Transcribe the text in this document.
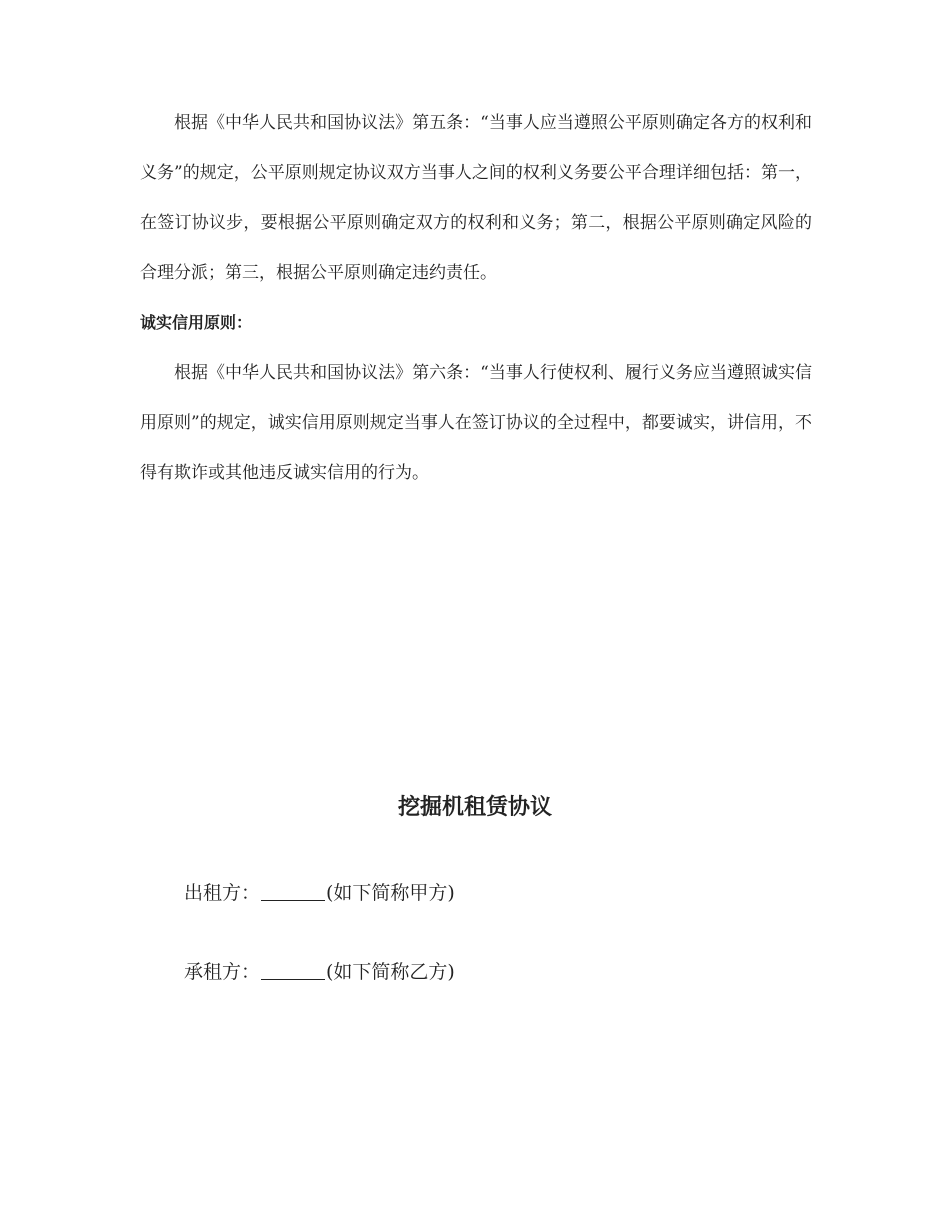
根据《中华人民共和国协议法》第五条：“当事人应当遵照公平原则确定各方的权利和义务”的规定，公平原则规定协议双方当事人之间的权利义务要公平合理详细包括：第一，在签订协议步，要根据公平原则确定双方的权利和义务；第二，根据公平原则确定风险的合理分派；第三，根据公平原则确定违约责任。

诚实信用原则：

根据《中华人民共和国协议法》第六条：“当事人行使权利、履行义务应当遵照诚实信用原则”的规定，诚实信用原则规定当事人在签订协议的全过程中，都要诚实，讲信用，不得有欺诈或其他违反诚实信用的行为。

挖掘机租赁协议

出租方：	(如下简称甲方)

承租方：	(如下简称乙方)
